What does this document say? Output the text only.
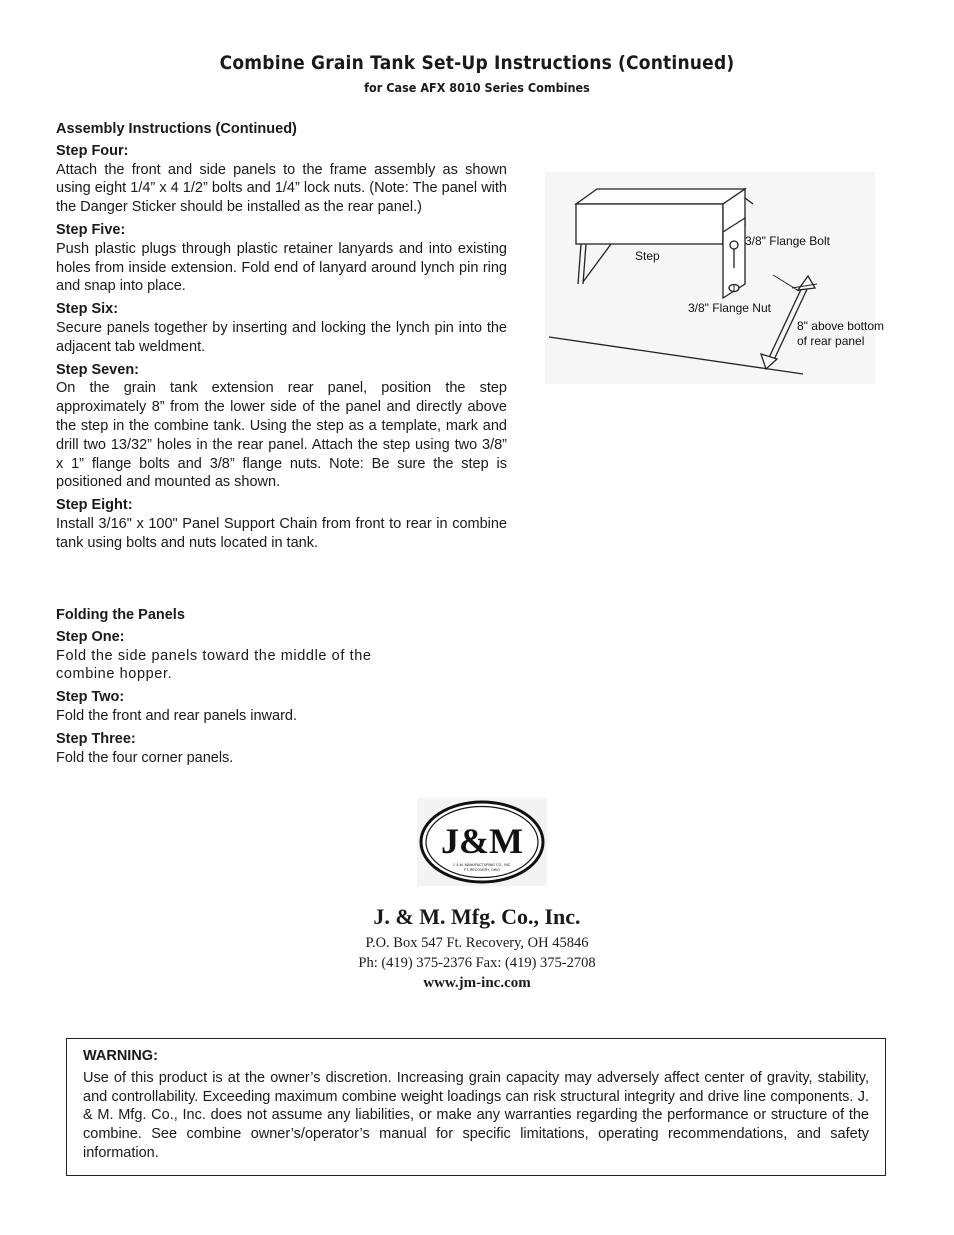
Combine Grain Tank Set-Up Instructions (Continued)
for Case AFX 8010 Series Combines

Assembly Instructions (Continued)

Step Four:

Attach the front and side panels to the frame assembly as shown using eight 1/4” x 4 1/2” bolts and 1/4” lock nuts. (Note: The panel with the Danger Sticker should be installed as the rear panel.)

Step Five:

Push plastic plugs through plastic retainer lanyards and into existing holes from inside extension. Fold end of lanyard around lynch pin ring and snap into place.

Step Six:

Secure panels together by inserting and locking the lynch pin into the adjacent tab weldment.

Step Seven:

On the grain tank extension rear panel, position the step approximately 8” from the lower side of the panel and directly above the step in the combine tank. Using the step as a template, mark and drill two 13/32” holes in the rear panel. Attach the step using two 3/8” x 1” flange bolts and 3/8” flange nuts. Note: Be sure the step is positioned and mounted as shown.

Step Eight:

Install 3/16" x 100" Panel Support Chain from front to rear in combine tank using bolts and nuts located in tank.

Folding the Panels

Step One:

Fold the side panels toward the middle of the combine hopper.

Step Two:

Fold the front and rear panels inward.

Step Three:

Fold the four corner panels.

Step
3/8" Flange Bolt
3/8" Flange Nut
8" above bottom
of rear panel
J&M
J. & M. MANUFACTURING CO., INC.
FT. RECOVERY, OHIO
J. & M. Mfg. Co., Inc.
P.O. Box 547 Ft. Recovery, OH 45846
Ph: (419) 375-2376 Fax: (419) 375-2708
www.jm-inc.com

WARNING:

Use of this product is at the owner’s discretion. Increasing grain capacity may adversely affect center of gravity, stability, and controllability. Exceeding maximum combine weight loadings can risk structural integrity and drive line components. J. & M. Mfg. Co., Inc. does not assume any liabilities, or make any warranties regarding the performance or structure of the combine. See combine owner’s/operator’s manual for specific limitations, operating recommendations, and safety information.
